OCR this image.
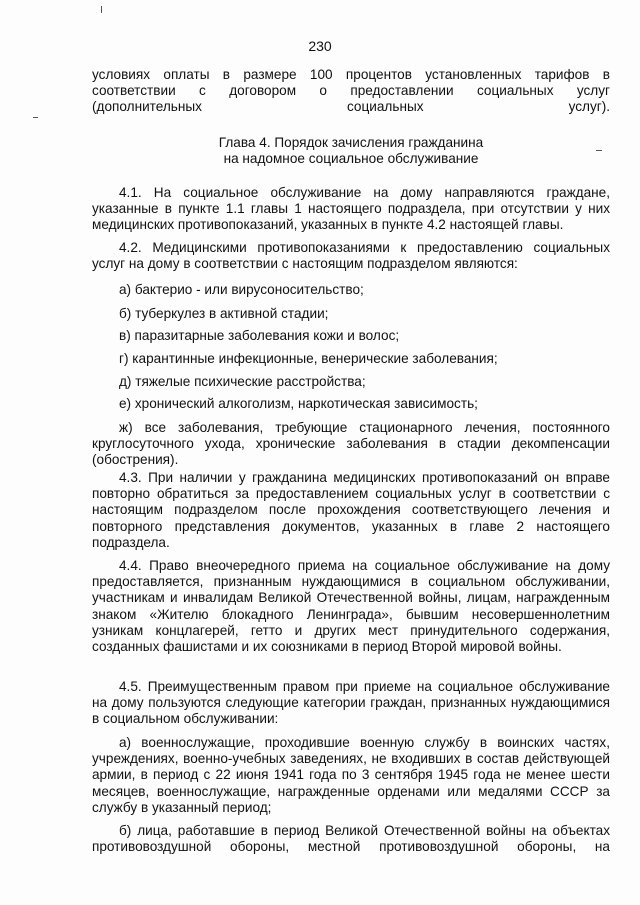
230
условиях оплаты в размере 100 процентов установленных тарифов в
соответствии с договором о предоставлении социальных услуг
(дополнительных социальных услуг).
Глава 4. Порядок зачисления гражданина
на надомное социальное обслуживание
4.1. На социальное обслуживание на дому направляются граждане, указанные в пункте 1.1 главы 1 настоящего подраздела, при отсутствии у них медицинских противопоказаний, указанных в пункте 4.2 настоящей главы.
4.2. Медицинскими противопоказаниями к предоставлению социальных услуг на дому в соответствии с настоящим подразделом являются:
а) бактерио - или вирусоносительство;
б) туберкулез в активной стадии;
в) паразитарные заболевания кожи и волос;
г) карантинные инфекционные, венерические заболевания;
д) тяжелые психические расстройства;
е) хронический алкоголизм, наркотическая зависимость;
ж) все заболевания, требующие стационарного лечения, постоянного круглосуточного ухода, хронические заболевания в стадии декомпенсации (обострения).
4.3. При наличии у гражданина медицинских противопоказаний он вправе повторно обратиться за предоставлением социальных услуг в соответствии с настоящим подразделом после прохождения соответствующего лечения и повторного представления документов, указанных в главе 2 настоящего подраздела.
4.4. Право внеочередного приема на социальное обслуживание на дому предоставляется, признанным нуждающимися в социальном обслуживании, участникам и инвалидам Великой Отечественной войны, лицам, награжденным знаком «Жителю блокадного Ленинграда», бывшим несовершеннолетним узникам концлагерей, гетто и других мест принудительного содержания, созданных фашистами и их союзниками в период Второй мировой войны.
4.5. Преимущественным правом при приеме на социальное обслуживание на дому пользуются следующие категории граждан, признанных нуждающимися в социальном обслуживании:
а) военнослужащие, проходившие военную службу в воинских частях, учреждениях, военно-учебных заведениях, не входивших в состав действующей армии, в период с 22 июня 1941 года по 3 сентября 1945 года не менее шести месяцев, военнослужащие, награжденные орденами или медалями СССР за службу в указанный период;
б) лица, работавшие в период Великой Отечественной войны на объектах противовоздушной обороны, местной противовоздушной обороны, на
